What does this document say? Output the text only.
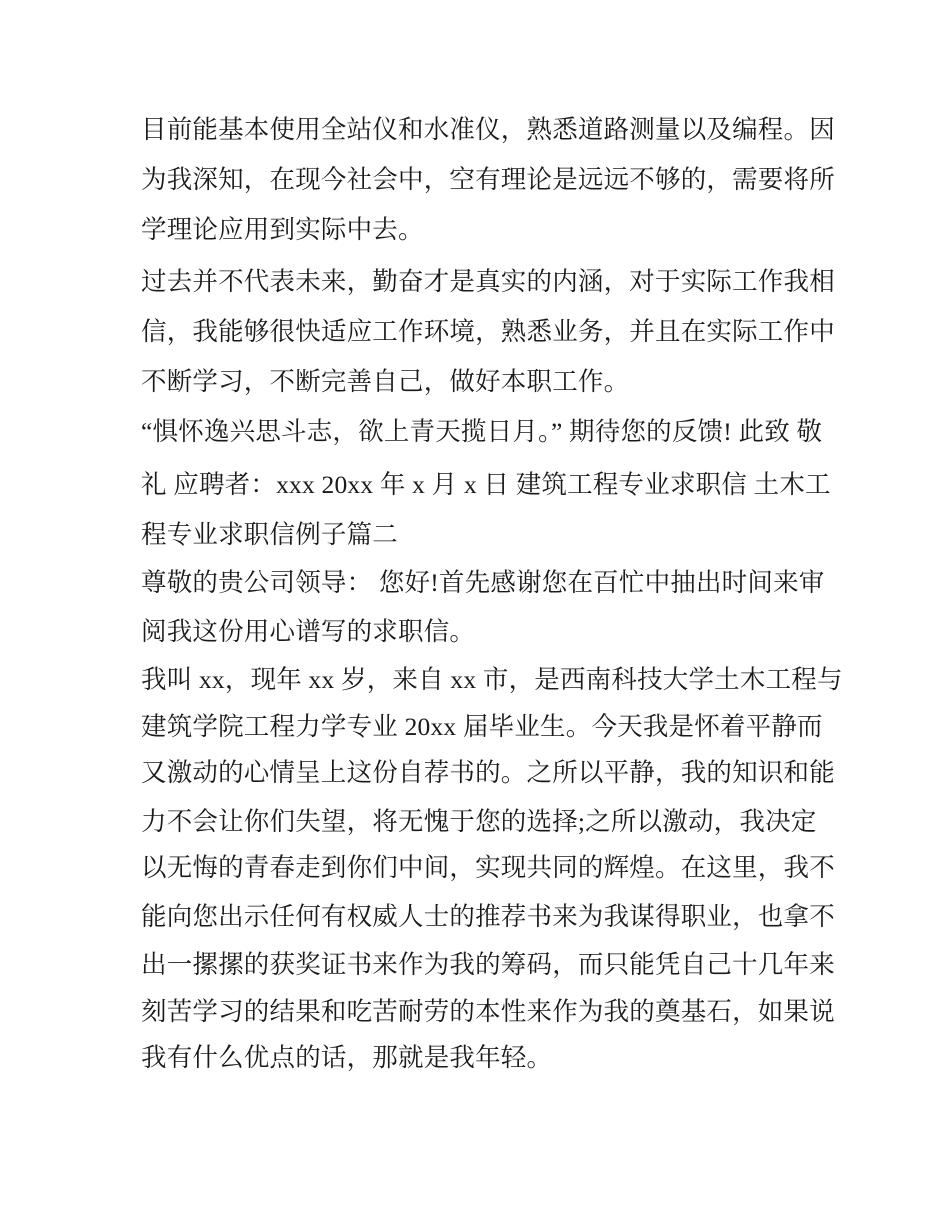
目前能基本使用全站仪和水准仪，熟悉道路测量以及编程。因
为我深知，在现今社会中，空有理论是远远不够的，需要将所
学理论应用到实际中去。
过去并不代表未来，勤奋才是真实的内涵，对于实际工作我相
信，我能够很快适应工作环境，熟悉业务，并且在实际工作中
不断学习，不断完善自己，做好本职工作。
“惧怀逸兴思斗志，欲上青天揽日月。” 期待您的反馈! 此致 敬
礼 应聘者：xxx 20xx 年 x 月 x 日 建筑工程专业求职信 土木工
程专业求职信例子篇二
尊敬的贵公司领导： 您好!首先感谢您在百忙中抽出时间来审
阅我这份用心谱写的求职信。
我叫 xx，现年 xx 岁，来自 xx 市，是西南科技大学土木工程与
建筑学院工程力学专业 20xx 届毕业生。今天我是怀着平静而
又激动的心情呈上这份自荐书的。之所以平静，我的知识和能
力不会让你们失望，将无愧于您的选择;之所以激动，我决定
以无悔的青春走到你们中间，实现共同的辉煌。在这里，我不
能向您出示任何有权威人士的推荐书来为我谋得职业，也拿不
出一摞摞的获奖证书来作为我的筹码，而只能凭自己十几年来
刻苦学习的结果和吃苦耐劳的本性来作为我的奠基石，如果说
我有什么优点的话，那就是我年轻。
